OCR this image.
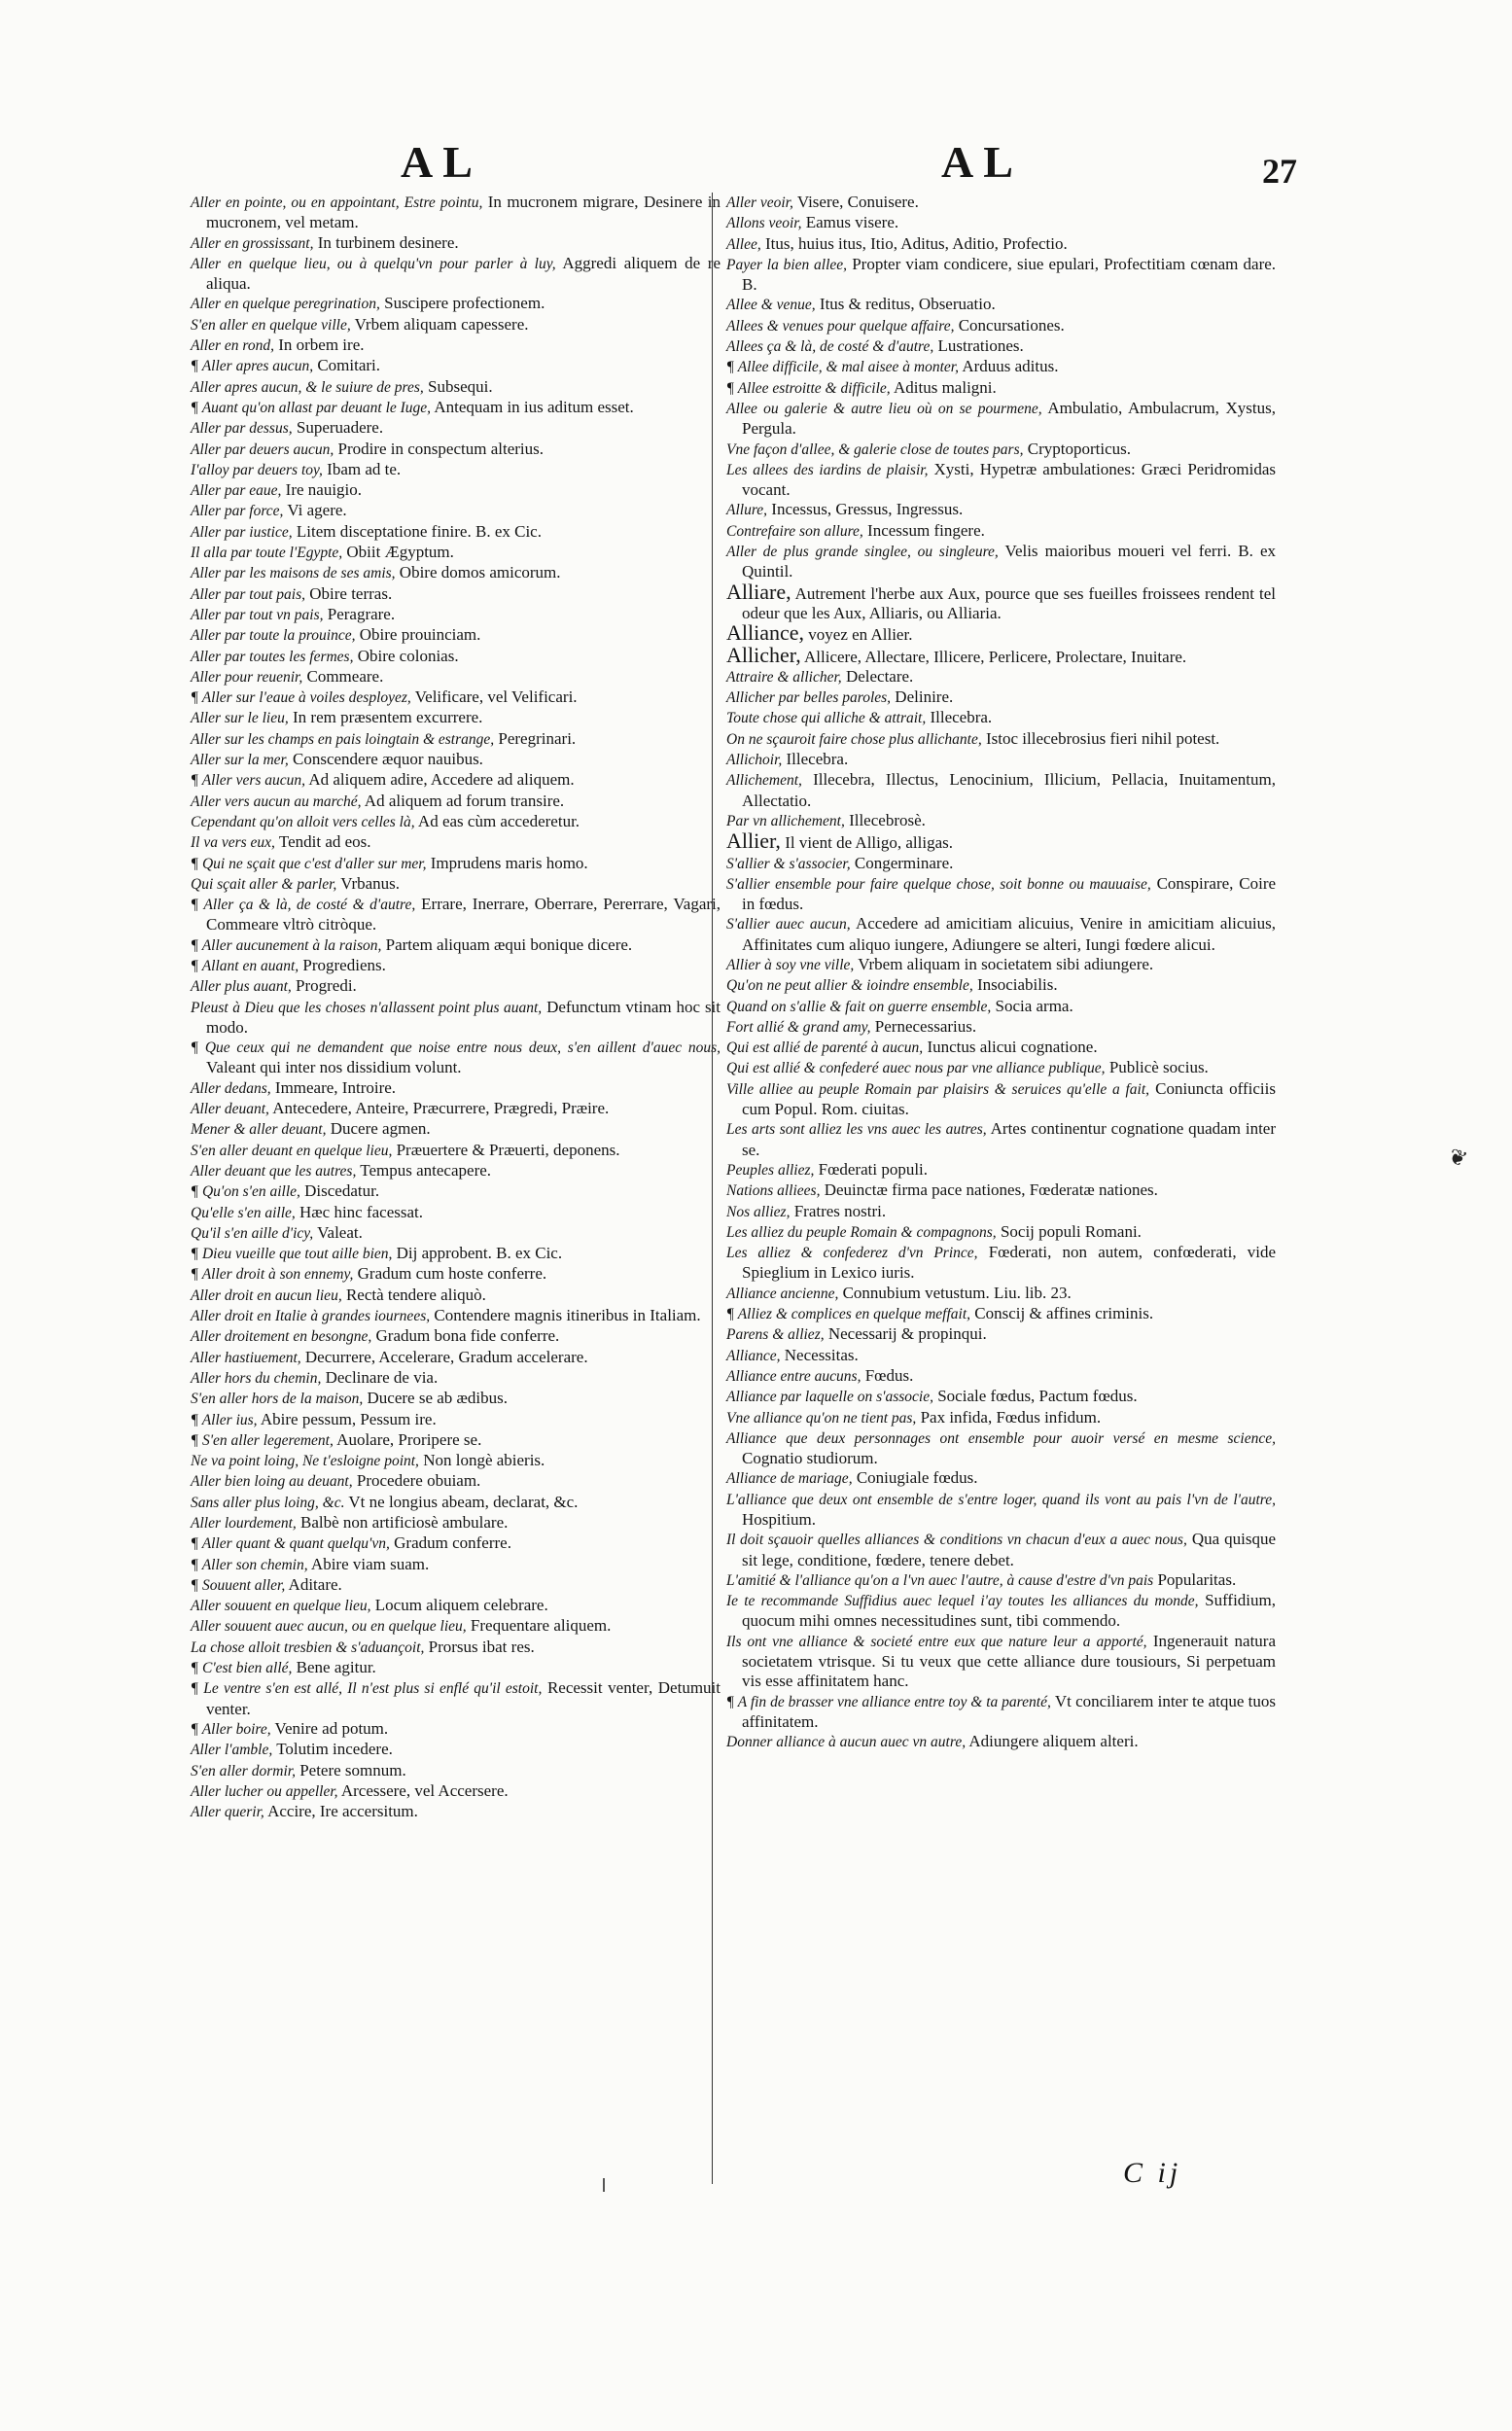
AL	AL	27

Aller en pointe, ou en appointant, Estre pointu, In mucronem migrare, Desinere in mucronem, vel metam.

Aller en grossissant, In turbinem desinere.

Aller en quelque lieu, ou à quelqu'vn pour parler à luy, Aggredi aliquem de re aliqua.

Aller en quelque peregrination, Suscipere profectionem.

S'en aller en quelque ville, Vrbem aliquam capessere.

Aller en rond, In orbem ire.

¶ Aller apres aucun, Comitari.

Aller apres aucun, & le suiure de pres, Subsequi.

¶ Auant qu'on allast par deuant le Iuge, Antequam in ius aditum esset.

Aller par dessus, Superuadere.

Aller par deuers aucun, Prodire in conspectum alterius.

I'alloy par deuers toy, Ibam ad te.

Aller par eaue, Ire nauigio.

Aller par force, Vi agere.

Aller par iustice, Litem disceptatione finire. B. ex Cic.

Il alla par toute l'Egypte, Obiit Ægyptum.

Aller par les maisons de ses amis, Obire domos amicorum.

Aller par tout pais, Obire terras.

Aller par tout vn pais, Peragrare.

Aller par toute la prouince, Obire prouinciam.

Aller par toutes les fermes, Obire colonias.

Aller pour reuenir, Commeare.

¶ Aller sur l'eaue à voiles desployez, Velificare, vel Velificari.

Aller sur le lieu, In rem præsentem excurrere.

Aller sur les champs en pais loingtain & estrange, Peregrinari.

Aller sur la mer, Conscendere æquor nauibus.

¶ Aller vers aucun, Ad aliquem adire, Accedere ad aliquem.

Aller vers aucun au marché, Ad aliquem ad forum transire.

Cependant qu'on alloit vers celles là, Ad eas cùm accederetur.

Il va vers eux, Tendit ad eos.

¶ Qui ne sçait que c'est d'aller sur mer, Imprudens maris homo.

Qui sçait aller & parler, Vrbanus.

¶ Aller ça & là, de costé & d'autre, Errare, Inerrare, Oberrare, Pererrare, Vagari, Commeare vltrò citròque.

¶ Aller aucunement à la raison, Partem aliquam æqui bonique dicere.

¶ Allant en auant, Progrediens.

Aller plus auant, Progredi.

Pleust à Dieu que les choses n'allassent point plus auant, Defunctum vtinam hoc sit modo.

¶ Que ceux qui ne demandent que noise entre nous deux, s'en aillent d'auec nous, Valeant qui inter nos dissidium volunt.

Aller dedans, Immeare, Introire.

Aller deuant, Antecedere, Anteire, Præcurrere, Prægredi, Præire.

Mener & aller deuant, Ducere agmen.

S'en aller deuant en quelque lieu, Præuertere & Præuerti, deponens.

Aller deuant que les autres, Tempus antecapere.

¶ Qu'on s'en aille, Discedatur.

Qu'elle s'en aille, Hæc hinc facessat.

Qu'il s'en aille d'icy, Valeat.

¶ Dieu vueille que tout aille bien, Dij approbent. B. ex Cic.

¶ Aller droit à son ennemy, Gradum cum hoste conferre.

Aller droit en aucun lieu, Rectà tendere aliquò.

Aller droit en Italie à grandes iournees, Contendere magnis itineribus in Italiam.

Aller droitement en besongne, Gradum bona fide conferre.

Aller hastiuement, Decurrere, Accelerare, Gradum accelerare.

Aller hors du chemin, Declinare de via.

S'en aller hors de la maison, Ducere se ab ædibus.

¶ Aller ius, Abire pessum, Pessum ire.

¶ S'en aller legerement, Auolare, Proripere se.

Ne va point loing, Ne t'esloigne point, Non longè abieris.

Aller bien loing au deuant, Procedere obuiam.

Sans aller plus loing, &c. Vt ne longius abeam, declarat, &c.

Aller lourdement, Balbè non artificiosè ambulare.

¶ Aller quant & quant quelqu'vn, Gradum conferre.

¶ Aller son chemin, Abire viam suam.

¶ Souuent aller, Aditare.

Aller souuent en quelque lieu, Locum aliquem celebrare.

Aller souuent auec aucun, ou en quelque lieu, Frequentare aliquem.

La chose alloit tresbien & s'aduançoit, Prorsus ibat res.

¶ C'est bien allé, Bene agitur.

¶ Le ventre s'en est allé, Il n'est plus si enflé qu'il estoit, Recessit venter, Detumuit venter.

¶ Aller boire, Venire ad potum.

Aller l'amble, Tolutim incedere.

S'en aller dormir, Petere somnum.

Aller lucher ou appeller, Arcessere, vel Accersere.

Aller querir, Accire, Ire accersitum.

Aller veoir, Visere, Conuisere.

Allons veoir, Eamus visere.

Allee, Itus, huius itus, Itio, Aditus, Aditio, Profectio.

Payer la bien allee, Propter viam condicere, siue epulari, Profectitiam cœnam dare. B.

Allee & venue, Itus & reditus, Obseruatio.

Allees & venues pour quelque affaire, Concursationes.

Allees ça & là, de costé & d'autre, Lustrationes.

¶ Allee difficile, & mal aisee à monter, Arduus aditus.

¶ Allee estroitte & difficile, Aditus maligni.

Allee ou galerie & autre lieu où on se pourmene, Ambulatio, Ambulacrum, Xystus, Pergula.

Vne façon d'allee, & galerie close de toutes pars, Cryptoporticus.

Les allees des iardins de plaisir, Xysti, Hypetræ ambulationes: Græci Peridromidas vocant.

Allure, Incessus, Gressus, Ingressus.

Contrefaire son allure, Incessum fingere.

Aller de plus grande singlee, ou singleure, Velis maioribus moueri vel ferri. B. ex Quintil.

Alliare, Autrement l'herbe aux Aux, pource que ses fueilles froissees rendent tel odeur que les Aux, Alliaris, ou Alliaria.

Alliance, voyez en Allier.

Allicher, Allicere, Allectare, Illicere, Perlicere, Prolectare, Inuitare.

Attraire & allicher, Delectare.

Allicher par belles paroles, Delinire.

Toute chose qui alliche & attrait, Illecebra.

On ne sçauroit faire chose plus allichante, Istoc illecebrosius fieri nihil potest.

Allichoir, Illecebra.

Allichement, Illecebra, Illectus, Lenocinium, Illicium, Pellacia, Inuitamentum, Allectatio.

Par vn allichement, Illecebrosè.

Allier, Il vient de Alligo, alligas.

S'allier & s'associer, Congerminare.

S'allier ensemble pour faire quelque chose, soit bonne ou mauuaise, Conspirare, Coire in fœdus.

S'allier auec aucun, Accedere ad amicitiam alicuius, Venire in amicitiam alicuius, Affinitates cum aliquo iungere, Adiungere se alteri, Iungi fœdere alicui.

Allier à soy vne ville, Vrbem aliquam in societatem sibi adiungere.

Qu'on ne peut allier & ioindre ensemble, Insociabilis.

Quand on s'allie & fait on guerre ensemble, Socia arma.

Fort allié & grand amy, Pernecessarius.

Qui est allié de parenté à aucun, Iunctus alicui cognatione.

Qui est allié & confederé auec nous par vne alliance publique, Publicè socius.

Ville alliee au peuple Romain par plaisirs & seruices qu'elle a fait, Coniuncta officiis cum Popul. Rom. ciuitas.

Les arts sont alliez les vns auec les autres, Artes continentur cognatione quadam inter se.

Peuples alliez, Fœderati populi.

Nations alliees, Deuinctæ firma pace nationes, Fœderatæ nationes.

Nos alliez, Fratres nostri.

Les alliez du peuple Romain & compagnons, Socij populi Romani.

Les alliez & confederez d'vn Prince, Fœderati, non autem, confœderati, vide Spieglium in Lexico iuris.

Alliance ancienne, Connubium vetustum. Liu. lib. 23.

¶ Alliez & complices en quelque meffait, Conscij & affines criminis.

Parens & alliez, Necessarij & propinqui.

Alliance, Necessitas.

Alliance entre aucuns, Fœdus.

Alliance par laquelle on s'associe, Sociale fœdus, Pactum fœdus.

Vne alliance qu'on ne tient pas, Pax infida, Fœdus infidum.

Alliance que deux personnages ont ensemble pour auoir versé en mesme science, Cognatio studiorum.

Alliance de mariage, Coniugiale fœdus.

L'alliance que deux ont ensemble de s'entre loger, quand ils vont au pais l'vn de l'autre, Hospitium.

Il doit sçauoir quelles alliances & conditions vn chacun d'eux a auec nous, Qua quisque sit lege, conditione, fœdere, tenere debet.

L'amitié & l'alliance qu'on a l'vn auec l'autre, à cause d'estre d'vn pais Popularitas.

Ie te recommande Suffidius auec lequel i'ay toutes les alliances du monde, Suffidium, quocum mihi omnes necessitudines sunt, tibi commendo.

Ils ont vne alliance & societé entre eux que nature leur a apporté, Ingenerauit natura societatem vtrisque. Si tu veux que cette alliance dure tousiours, Si perpetuam vis esse affinitatem hanc.

¶ A fin de brasser vne alliance entre toy & ta parenté, Vt conciliarem inter te atque tuos affinitatem.

Donner alliance à aucun auec vn autre, Adiungere aliquem alteri.

C ij
❦
